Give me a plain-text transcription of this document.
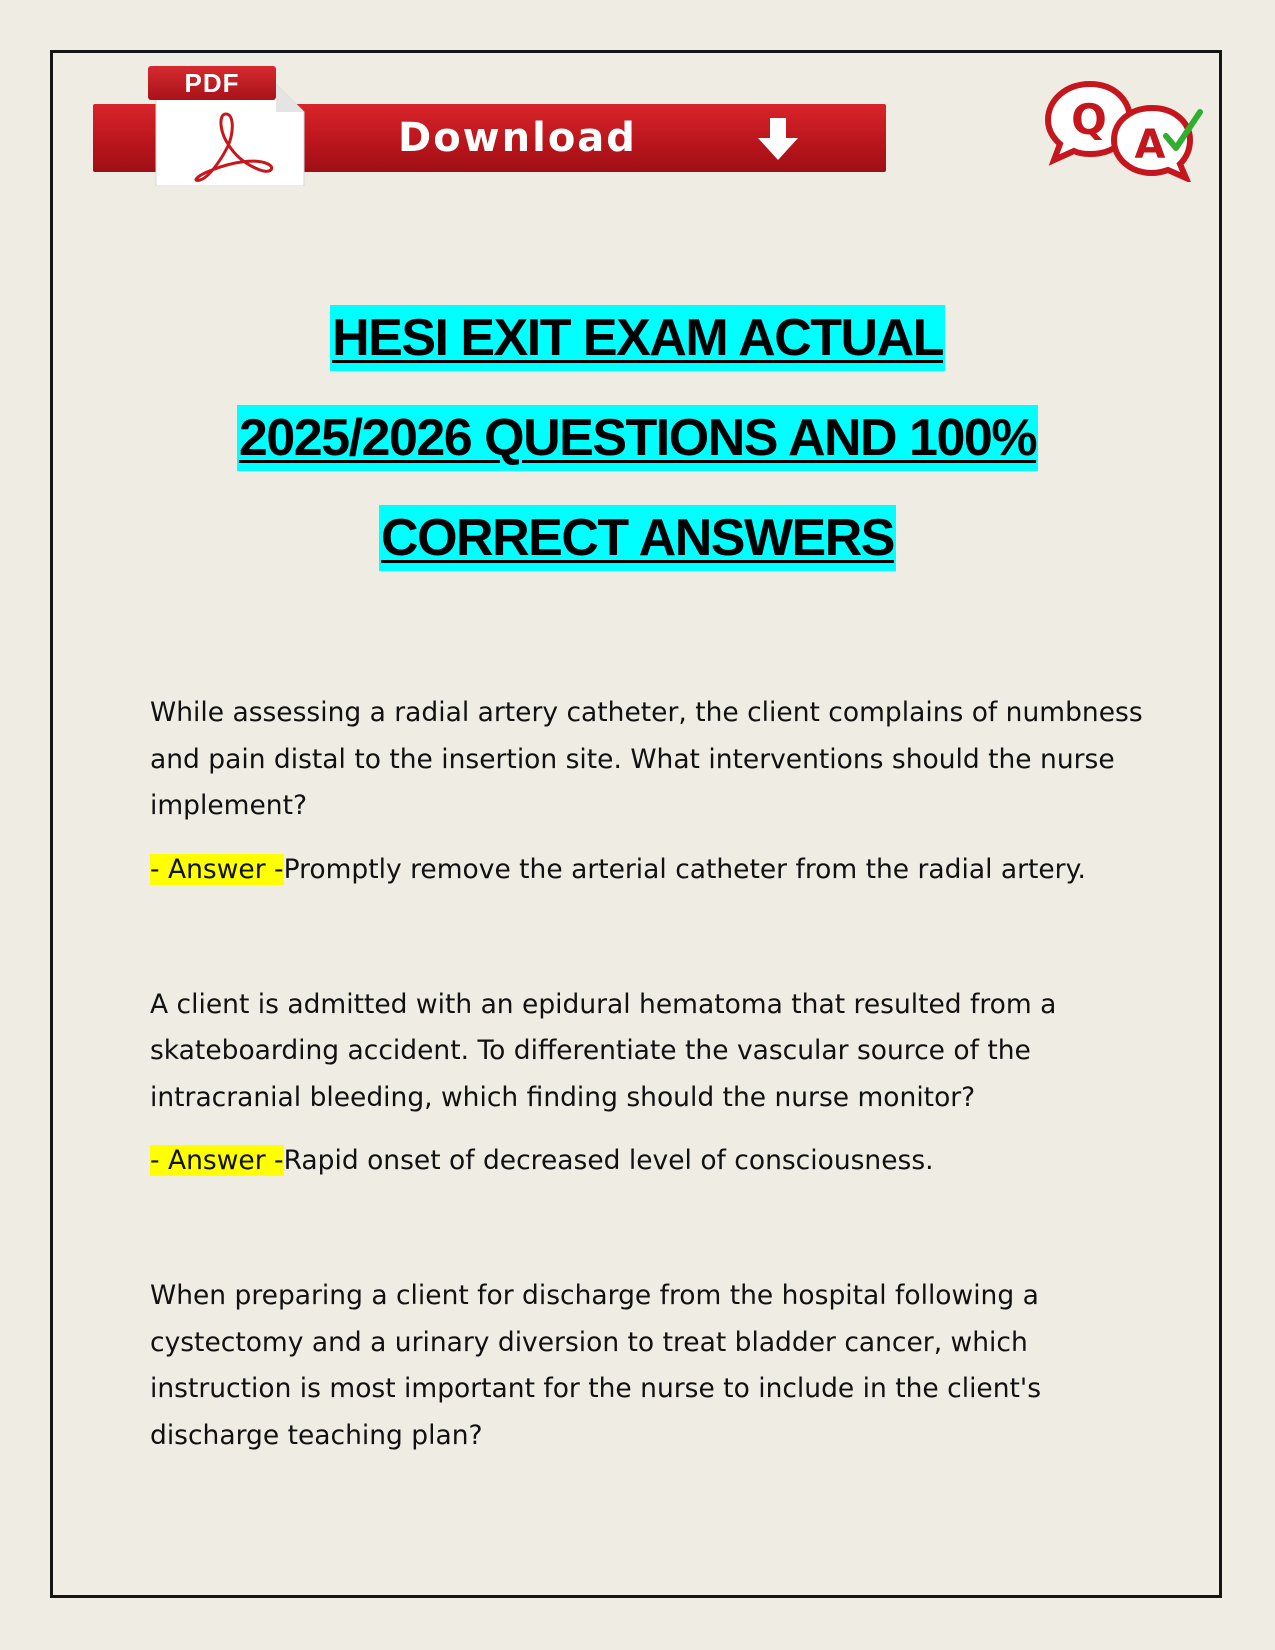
PDF
Download	Q
A
HESI EXIT EXAM ACTUAL
2025/2026 QUESTIONS AND 100%
CORRECT ANSWERS

While assessing a radial artery catheter, the client complains of numbness and pain distal to the insertion site. What interventions should the nurse implement?

- Answer -Promptly remove the arterial catheter from the radial artery.

A client is admitted with an epidural hematoma that resulted from a skateboarding accident. To differentiate the vascular source of the intracranial bleeding, which finding should the nurse monitor?

- Answer -Rapid onset of decreased level of consciousness.

When preparing a client for discharge from the hospital following a cystectomy and a urinary diversion to treat bladder cancer, which instruction is most important for the nurse to include in the client's discharge teaching plan?
